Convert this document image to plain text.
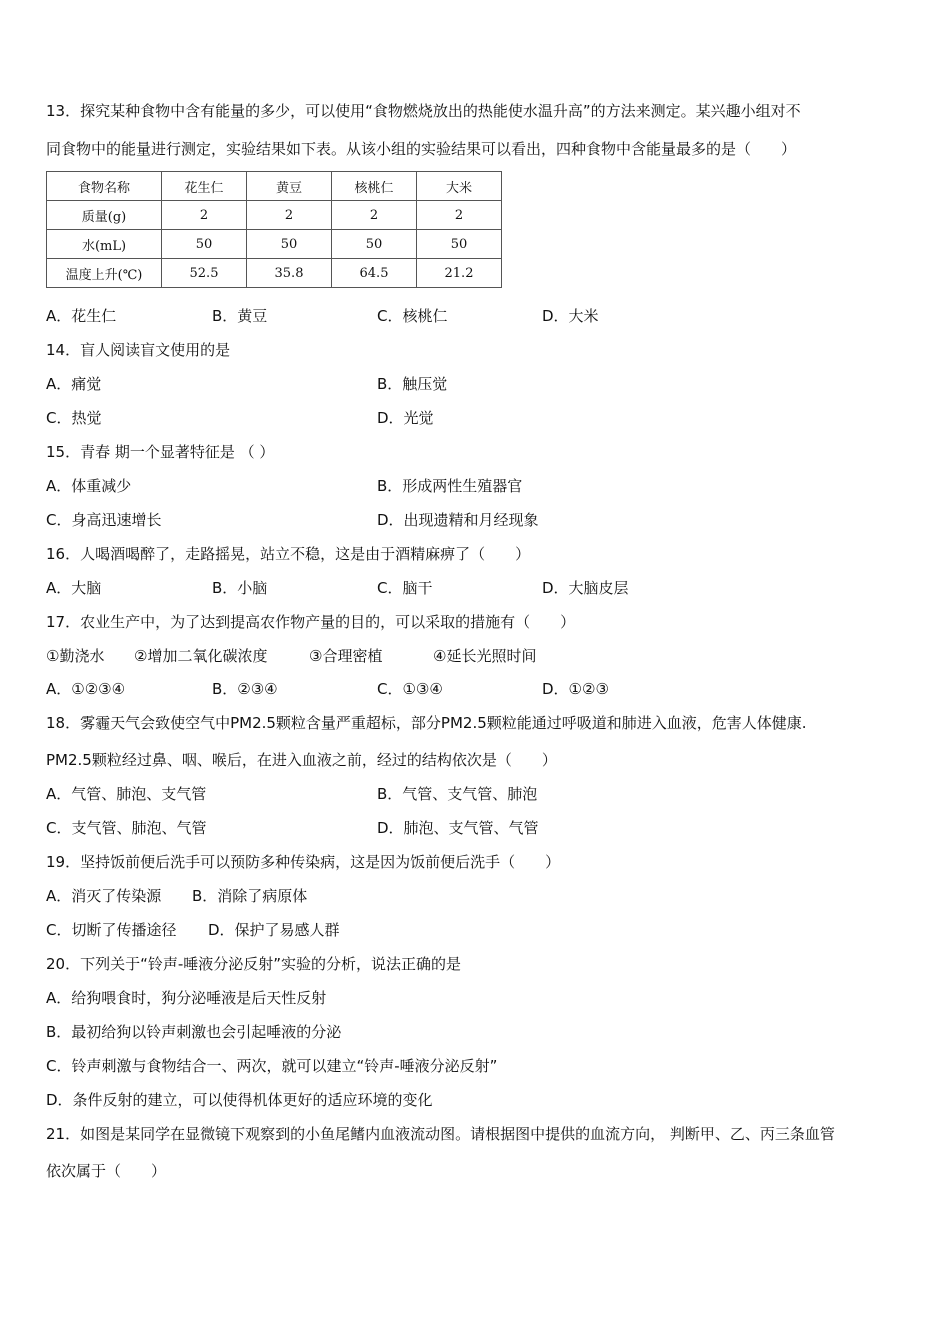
13．探究某种食物中含有能量的多少，可以使用“食物燃烧放出的热能使水温升高”的方法来测定。某兴趣小组对不
同食物中的能量进行测定，实验结果如下表。从该小组的实验结果可以看出，四种食物中含能量最多的是（　　）
食物名称	花生仁	黄豆	核桃仁	大米
质量(g)	2	2	2	2
水(mL)	50	50	50	50
温度上升(℃)	52.5	35.8	64.5	21.2
A．花生仁	B．黄豆	C．核桃仁	D．大米
14．盲人阅读盲文使用的是
A．痛觉	B．触压觉
C．热觉	D．光觉
15．青春 期一个显著特征是 （ ）
A．体重减少	B．形成两性生殖器官
C．身高迅速增长	D．出现遗精和月经现象
16．人喝酒喝醉了，走路摇晃，站立不稳，这是由于酒精麻痹了（　　）
A．大脑	B．小脑	C．脑干	D．大脑皮层
17．农业生产中，为了达到提高农作物产量的目的，可以采取的措施有（　　）
①勤浇水 ②增加二氧化碳浓度	③合理密植	④延长光照时间
A．①②③④	B．②③④	C．①③④	D．①②③
18．雾霾天气会致使空气中PM2.5颗粒含量严重超标，部分PM2.5颗粒能通过呼吸道和肺进入血液，危害人体健康.
PM2.5颗粒经过鼻、咽、喉后，在进入血液之前，经过的结构依次是（　　）
A．气管、肺泡、支气管	B．气管、支气管、肺泡
C．支气管、肺泡、气管	D．肺泡、支气管、气管
19．坚持饭前便后洗手可以预防多种传染病，这是因为饭前便后洗手（　　）
A．消灭了传染源 B．消除了病原体
C．切断了传播途径 D．保护了易感人群
20．下列关于“铃声-唾液分泌反射”实验的分析，说法正确的是
A．给狗喂食时，狗分泌唾液是后天性反射
B．最初给狗以铃声刺激也会引起唾液的分泌
C．铃声刺激与食物结合一、两次，就可以建立“铃声-唾液分泌反射”
D．条件反射的建立，可以使得机体更好的适应环境的变化
21．如图是某同学在显微镜下观察到的小鱼尾鳍内血液流动图。请根据图中提供的血流方向， 判断甲、乙、丙三条血管
依次属于（　　）
